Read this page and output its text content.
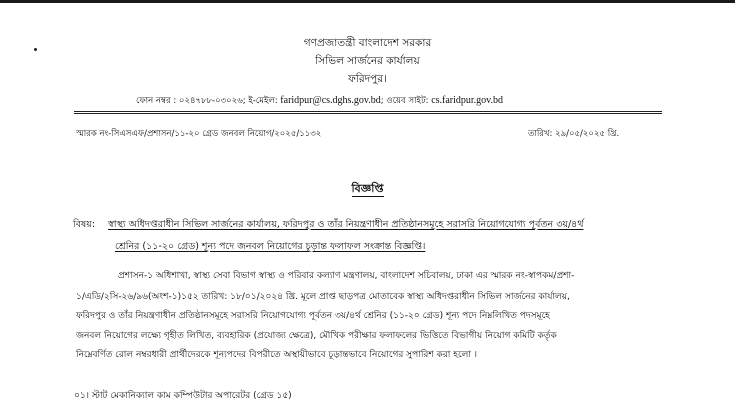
গণপ্রজাতন্ত্রী বাংলাদেশ সরকার
সিভিল সার্জনের কার্যালয়
ফরিদপুর।
ফোন নম্বর : ০২৪৭৮৮-০৩০২৬; ই-মেইল: faridpur@cs.dghs.gov.bd; ওয়েব সাইট: cs.faridpur.gov.bd
স্মারক নং-সিএসএফ/প্রশাসন/১১-২০ গ্রেড জনবল নিয়োগ/২০২৫/১১৩২	তারিখ: ২৯/০৫/২০২৫ খ্রি.
বিজ্ঞপ্তি
বিষয়: স্বাস্থ্য অধিদপ্তরাধীন সিভিল সার্জনের কার্যালয়, ফরিদপুর ও তাঁর নিয়ন্ত্রণাধীন প্রতিষ্ঠানসমূহে সরাসরি নিয়োগযোগ্য পূর্বতন ৩য়/৪র্থ
শ্রেনির (১১-২০ গ্রেড) শূন্য পদে জনবল নিয়োগের চূড়ান্ত ফলাফল সংক্রান্ত বিজ্ঞপ্তি।
প্রশাসন-১ অধিশাখা, স্বাস্থ্য সেবা বিভাগ স্বাস্থ্য ও পরিবার কল্যাণ মন্ত্রণালয়, বাংলাদেশ সচিবালয়, ঢাকা এর স্মারক নং-স্বাপকম/প্রশা-
১/এডি/২সি-২৬/৯৬(অংশ-১)১৫২ তারিখ: ১৮/০১/২০২৪ খ্রি. মূলে প্রাপ্ত ছাড়পত্র মোতাবেক স্বাস্থ্য অধিদপ্তরাধীন সিভিল সার্জনের কার্যালয়,
ফরিদপুর ও তাঁর নিয়ন্ত্রণাধীন প্রতিষ্ঠানসমূহে সরাসরি নিয়োগযোগ্য পূর্বতন ৩য়/৪র্থ শ্রেনির (১১-২০ গ্রেড) শূন্য পদে নিম্নলিখিত পদসমূহে
জনবল নিয়োগের লক্ষ্যে গৃহীত লিখিত, ব্যবহারিক (প্রযোজ্য ক্ষেত্রে), মৌখিক পরীক্ষার ফলাফলের ভিত্তিতে বিভাগীয় নিয়োগ কমিটি কর্তৃক
নিম্নেবর্ণিত রোল নম্বরধারী প্রার্থীদেরকে শূন্যপদের বিপরীতে অস্থায়ীভাবে চূড়ান্তভাবে নিয়োগের সুপারিশ করা হলো ।
০১। স্টাট মেকানিক্যাল কাম কম্পিউটার অপারেটর (গ্রেড ১৫)
